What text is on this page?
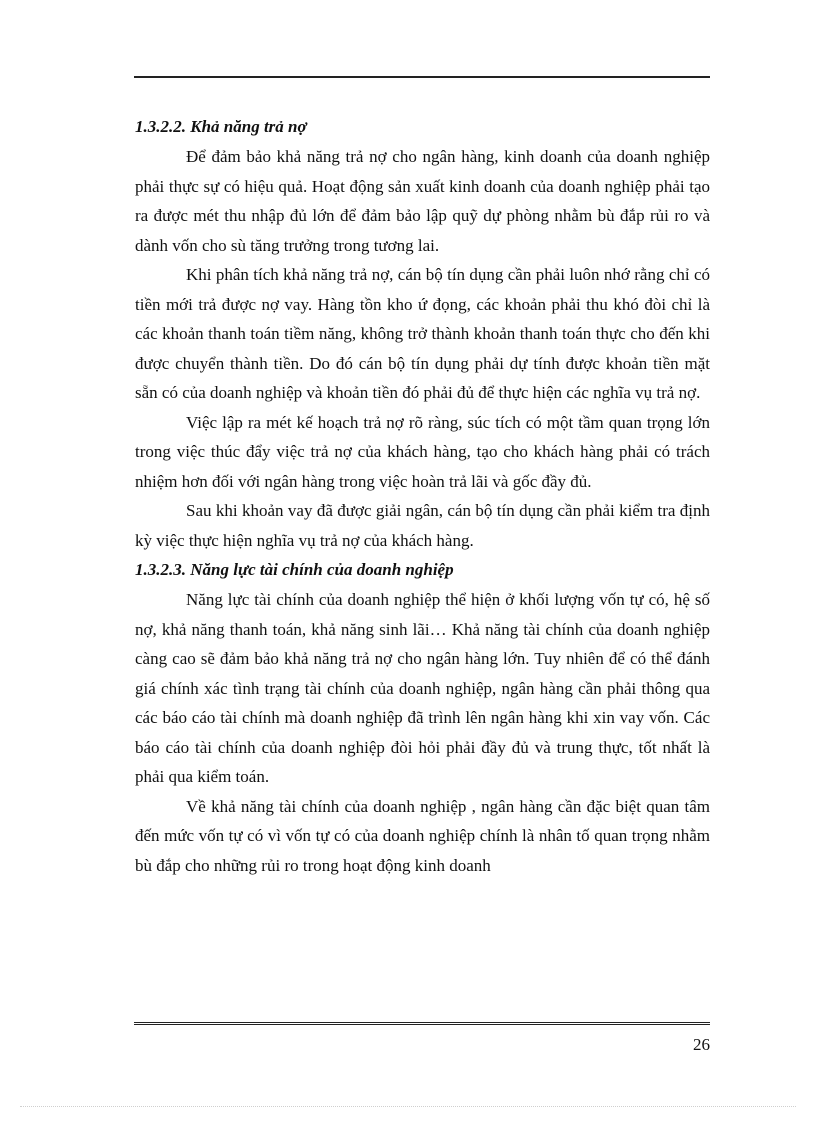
1.3.2.2. Khả năng trả nợ

Để đảm bảo khả năng trả nợ cho ngân hàng, kinh doanh của doanh nghiệp phải thực sự có hiệu quả. Hoạt động sản xuất kinh doanh của doanh nghiệp phải tạo ra được mét thu nhập đủ lớn để đảm bảo lập quỹ dự phòng nhằm bù đắp rủi ro và dành vốn cho sù tăng trưởng trong tương lai.

Khi phân tích khả năng trả nợ, cán bộ tín dụng cần phải luôn nhớ rằng chỉ có tiền mới trả được nợ vay. Hàng tồn kho ứ đọng, các khoản phải thu khó đòi chỉ là các khoản thanh toán tiềm năng, không trở thành khoản thanh toán thực cho đến khi được chuyển thành tiền. Do đó cán bộ tín dụng phải dự tính được khoản tiền mặt sẵn có của doanh nghiệp và khoản tiền đó phải đủ để thực hiện các nghĩa vụ trả nợ.

Việc lập ra mét kế hoạch trả nợ rõ ràng, súc tích có một tầm quan trọng lớn trong việc thúc đẩy việc trả nợ của khách hàng, tạo cho khách hàng phải có trách nhiệm hơn đối với ngân hàng trong việc hoàn trả lãi và gốc đầy đủ.

Sau khi khoản vay đã được giải ngân, cán bộ tín dụng cần phải kiểm tra định kỳ việc thực hiện nghĩa vụ trả nợ của khách hàng.

1.3.2.3. Năng lực tài chính của doanh nghiệp

Năng lực tài chính của doanh nghiệp thể hiện ở khối lượng vốn tự có, hệ số nợ, khả năng thanh toán, khả năng sinh lãi… Khả năng tài chính của doanh nghiệp càng cao sẽ đảm bảo khả năng trả nợ cho ngân hàng lớn. Tuy nhiên để có thể đánh giá chính xác tình trạng tài chính của doanh nghiệp, ngân hàng cần phải thông qua các báo cáo tài chính mà doanh nghiệp đã trình lên ngân hàng khi xin vay vốn. Các báo cáo tài chính của doanh nghiệp đòi hỏi phải đầy đủ và trung thực, tốt nhất là phải qua kiểm toán.

Về khả năng tài chính của doanh nghiệp , ngân hàng cần đặc biệt quan tâm đến mức vốn tự có vì vốn tự có của doanh nghiệp chính là nhân tố quan trọng nhằm bù đắp cho những rủi ro trong hoạt động kinh doanh

26
